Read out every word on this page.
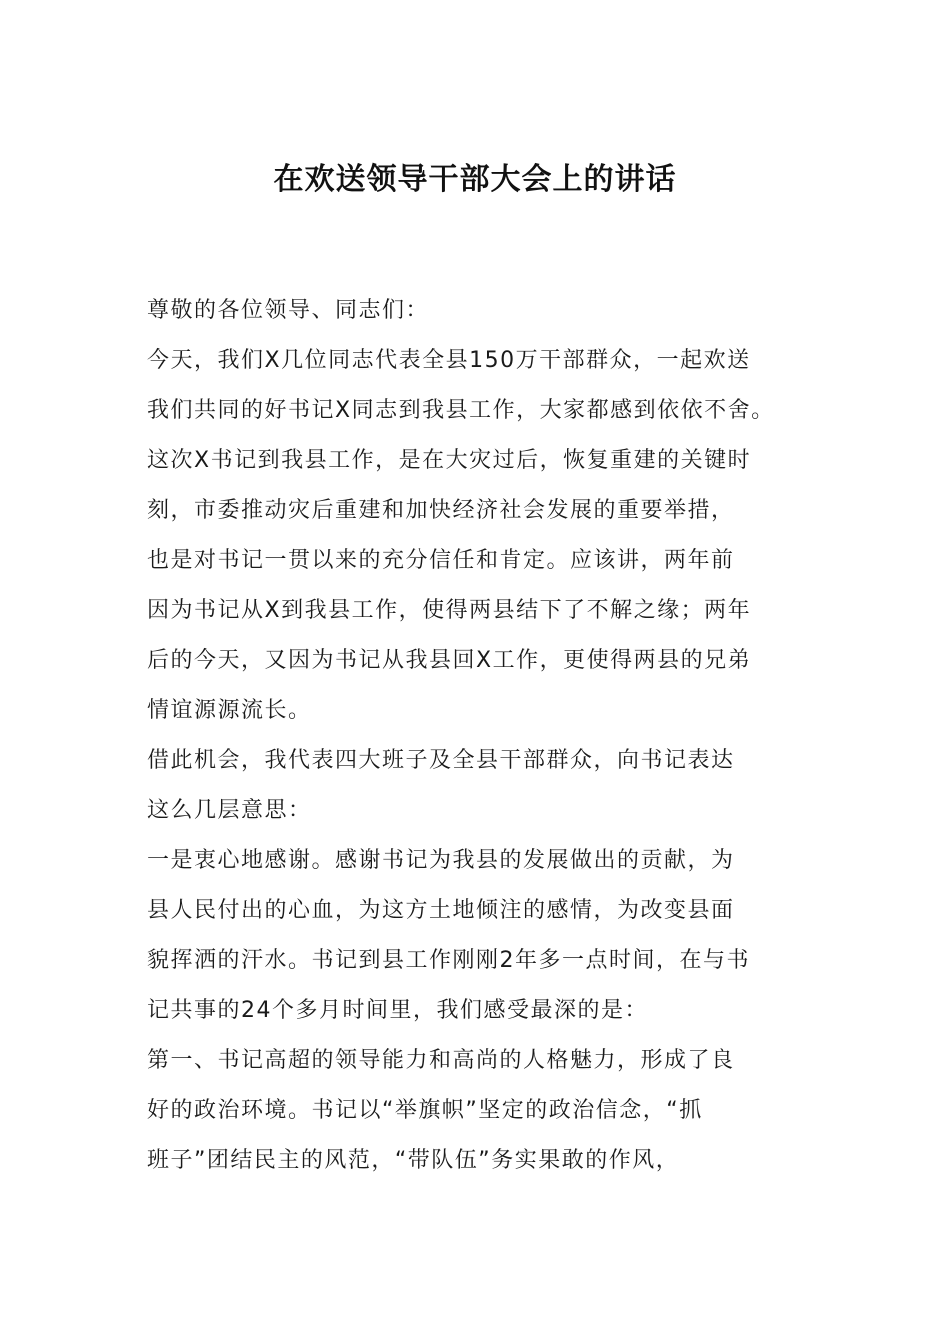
在欢送领导干部大会上的讲话
尊敬的各位领导、同志们：
今天，我们X几位同志代表全县150万干部群众，一起欢送
我们共同的好书记X同志到我县工作，大家都感到依依不舍。
这次X书记到我县工作，是在大灾过后，恢复重建的关键时
刻，市委推动灾后重建和加快经济社会发展的重要举措，
也是对书记一贯以来的充分信任和肯定。应该讲，两年前
因为书记从X到我县工作，使得两县结下了不解之缘；两年
后的今天，又因为书记从我县回X工作，更使得两县的兄弟
情谊源源流长。
借此机会，我代表四大班子及全县干部群众，向书记表达
这么几层意思：
一是衷心地感谢。感谢书记为我县的发展做出的贡献，为
县人民付出的心血，为这方土地倾注的感情，为改变县面
貌挥洒的汗水。书记到县工作刚刚2年多一点时间，在与书
记共事的24个多月时间里，我们感受最深的是：
第一、书记高超的领导能力和高尚的人格魅力，形成了良
好的政治环境。书记以“举旗帜”坚定的政治信念，“抓
班子”团结民主的风范，“带队伍”务实果敢的作风，
